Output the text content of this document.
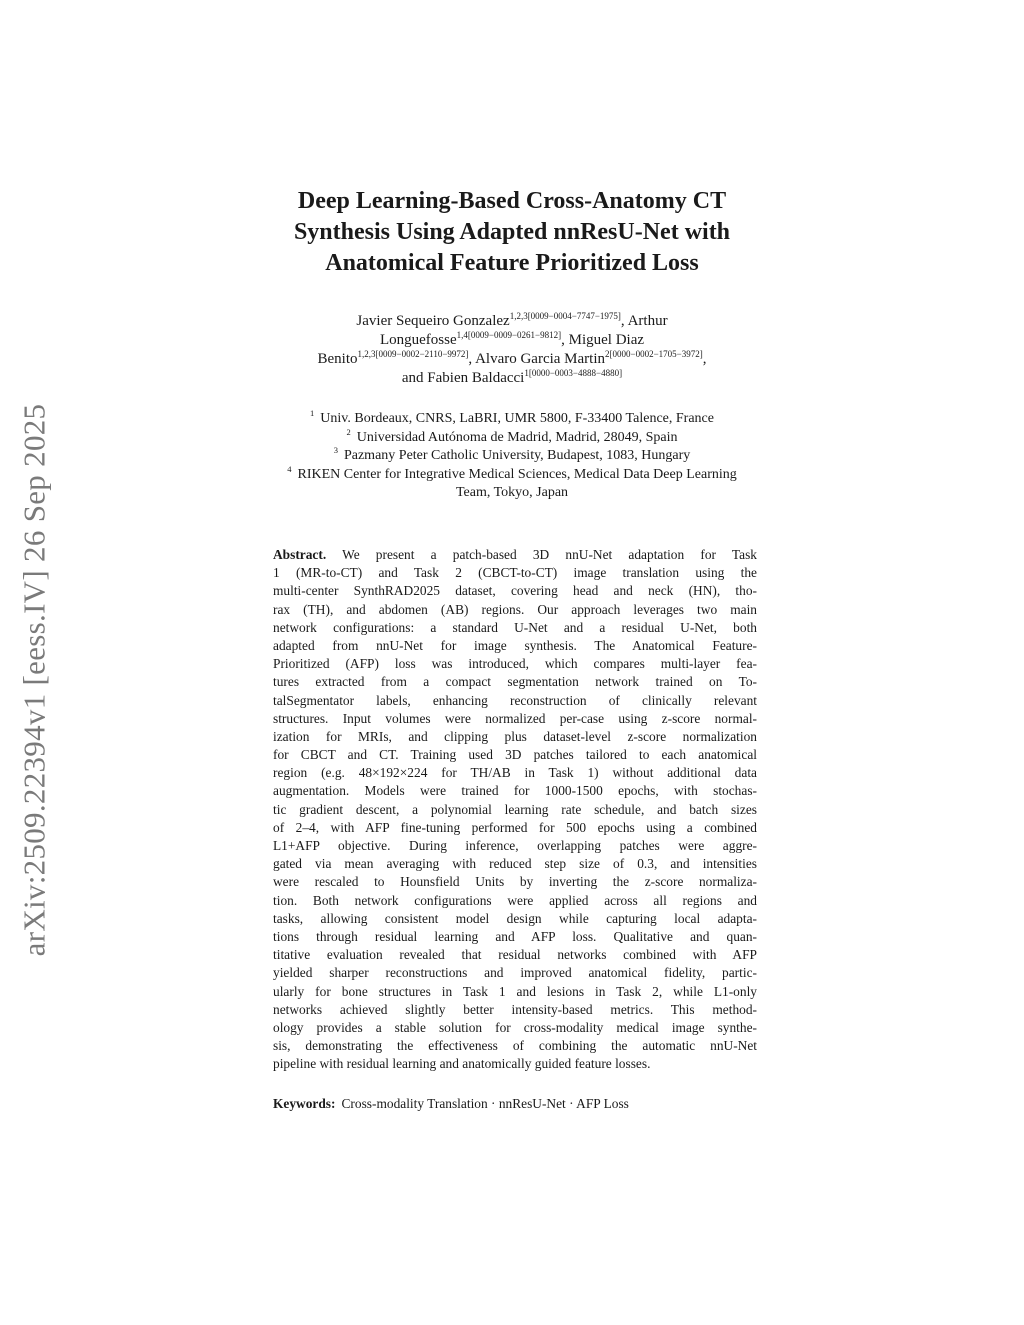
arXiv:2509.22394v1 [eess.IV] 26 Sep 2025
Deep Learning-Based Cross-Anatomy CT
Synthesis Using Adapted nnResU-Net with
Anatomical Feature Prioritized Loss
Javier Sequeiro Gonzalez$^{1,2,3[0009-0004-7747-1975]}$, Arthur
Longuefosse$^{1,4[0009-0009-0261-9812]}$, Miguel Diaz
Benito$^{1,2,3[0009-0002-2110-9972]}$, Alvaro Garcia Martin$^{2[0000-0002-1705-3972]}$,
and Fabien Baldacci$^{1[0000-0003-4888-4880]}$
$^1$ Univ. Bordeaux, CNRS, LaBRI, UMR 5800, F-33400 Talence, France
$^2$ Universidad Autónoma de Madrid, Madrid, 28049, Spain
$^3$ Pazmany Peter Catholic University, Budapest, 1083, Hungary
$^4$ RIKEN Center for Integrative Medical Sciences, Medical Data Deep Learning
Team, Tokyo, Japan
Abstract. We present a patch-based 3D nnU-Net adaptation for Task
1 (MR-to-CT) and Task 2 (CBCT-to-CT) image translation using the
multi-center SynthRAD2025 dataset, covering head and neck (HN), tho-
rax (TH), and abdomen (AB) regions. Our approach leverages two main
network configurations: a standard U-Net and a residual U-Net, both
adapted from nnU-Net for image synthesis. The Anatomical Feature-
Prioritized (AFP) loss was introduced, which compares multi-layer fea-
tures extracted from a compact segmentation network trained on To-
talSegmentator labels, enhancing reconstruction of clinically relevant
structures. Input volumes were normalized per-case using z-score normal-
ization for MRIs, and clipping plus dataset-level z-score normalization
for CBCT and CT. Training used 3D patches tailored to each anatomical
region (e.g. 48×192×224 for TH/AB in Task 1) without additional data
augmentation. Models were trained for 1000-1500 epochs, with stochas-
tic gradient descent, a polynomial learning rate schedule, and batch sizes
of 2–4, with AFP fine-tuning performed for 500 epochs using a combined
L1+AFP objective. During inference, overlapping patches were aggre-
gated via mean averaging with reduced step size of 0.3, and intensities
were rescaled to Hounsfield Units by inverting the z-score normaliza-
tion. Both network configurations were applied across all regions and
tasks, allowing consistent model design while capturing local adapta-
tions through residual learning and AFP loss. Qualitative and quan-
titative evaluation revealed that residual networks combined with AFP
yielded sharper reconstructions and improved anatomical fidelity, partic-
ularly for bone structures in Task 1 and lesions in Task 2, while L1-only
networks achieved slightly better intensity-based metrics. This method-
ology provides a stable solution for cross-modality medical image synthe-
sis, demonstrating the effectiveness of combining the automatic nnU-Net
pipeline with residual learning and anatomically guided feature losses.
Keywords: Cross-modality Translation · nnResU-Net · AFP Loss
